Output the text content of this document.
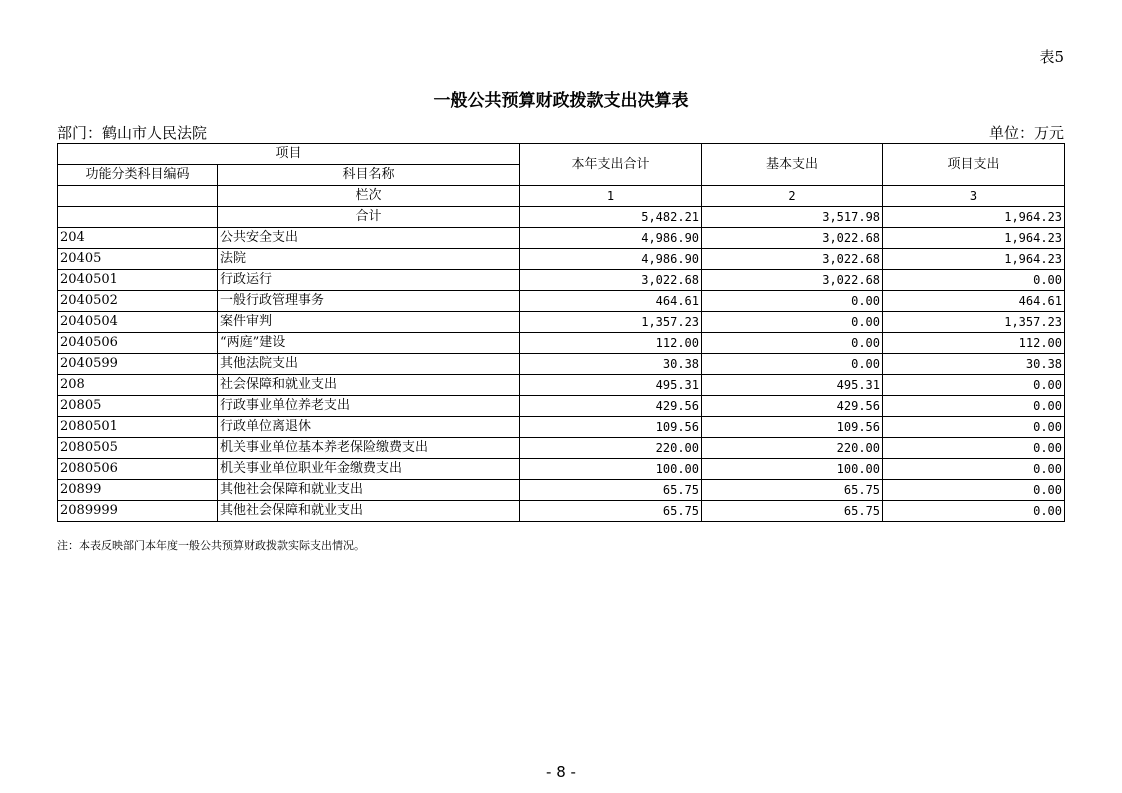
表5
一般公共预算财政拨款支出决算表
部门：鹤山市人民法院	单位：万元
项目		本年支出合计	基本支出	项目支出
功能分类科目编码	科目名称			
	栏次	1	2	3
	合计	5,482.21	3,517.98	1,964.23
204	公共安全支出	4,986.90	3,022.68	1,964.23
20405	法院	4,986.90	3,022.68	1,964.23
2040501	行政运行	3,022.68	3,022.68	0.00
2040502	一般行政管理事务	464.61	0.00	464.61
2040504	案件审判	1,357.23	0.00	1,357.23
2040506	“两庭”建设	112.00	0.00	112.00
2040599	其他法院支出	30.38	0.00	30.38
208	社会保障和就业支出	495.31	495.31	0.00
20805	行政事业单位养老支出	429.56	429.56	0.00
2080501	行政单位离退休	109.56	109.56	0.00
2080505	机关事业单位基本养老保险缴费支出	220.00	220.00	0.00
2080506	机关事业单位职业年金缴费支出	100.00	100.00	0.00
20899	其他社会保障和就业支出	65.75	65.75	0.00
2089999	其他社会保障和就业支出	65.75	65.75	0.00
注：本表反映部门本年度一般公共预算财政拨款实际支出情况。
- 8 -
